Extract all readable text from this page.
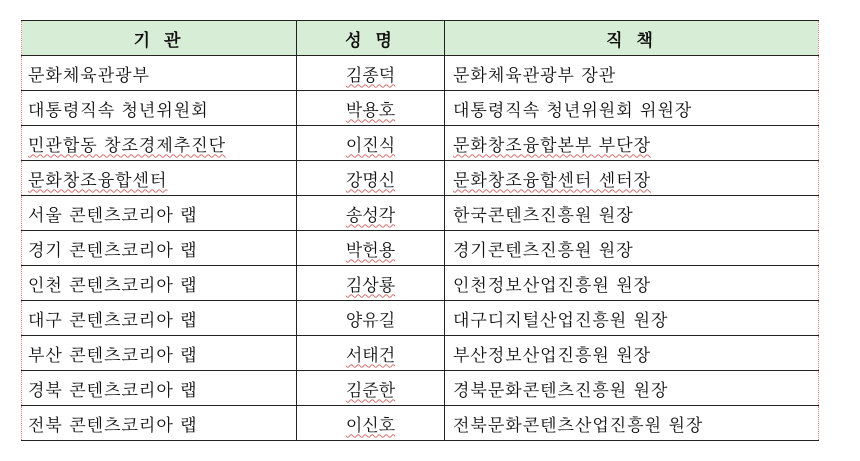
기 관	성 명	직 책
문화체육관광부	김종덕	문화체육관광부 장관
대통령직속 청년위원회	박용호	대통령직속 청년위원회 위원장
민관합동 창조경제추진단	이진식	문화창조융합본부 부단장
문화창조융합센터	강명신	문화창조융합센터 센터장
서울 콘텐츠코리아 랩	송성각	한국콘텐츠진흥원 원장
경기 콘텐츠코리아 랩	박헌용	경기콘텐츠진흥원 원장
인천 콘텐츠코리아 랩	김상룡	인천정보산업진흥원 원장
대구 콘텐츠코리아 랩	양유길	대구디지털산업진흥원 원장
부산 콘텐츠코리아 랩	서태건	부산정보산업진흥원 원장
경북 콘텐츠코리아 랩	김준한	경북문화콘텐츠진흥원 원장
전북 콘텐츠코리아 랩	이신호	전북문화콘텐츠산업진흥원 원장
